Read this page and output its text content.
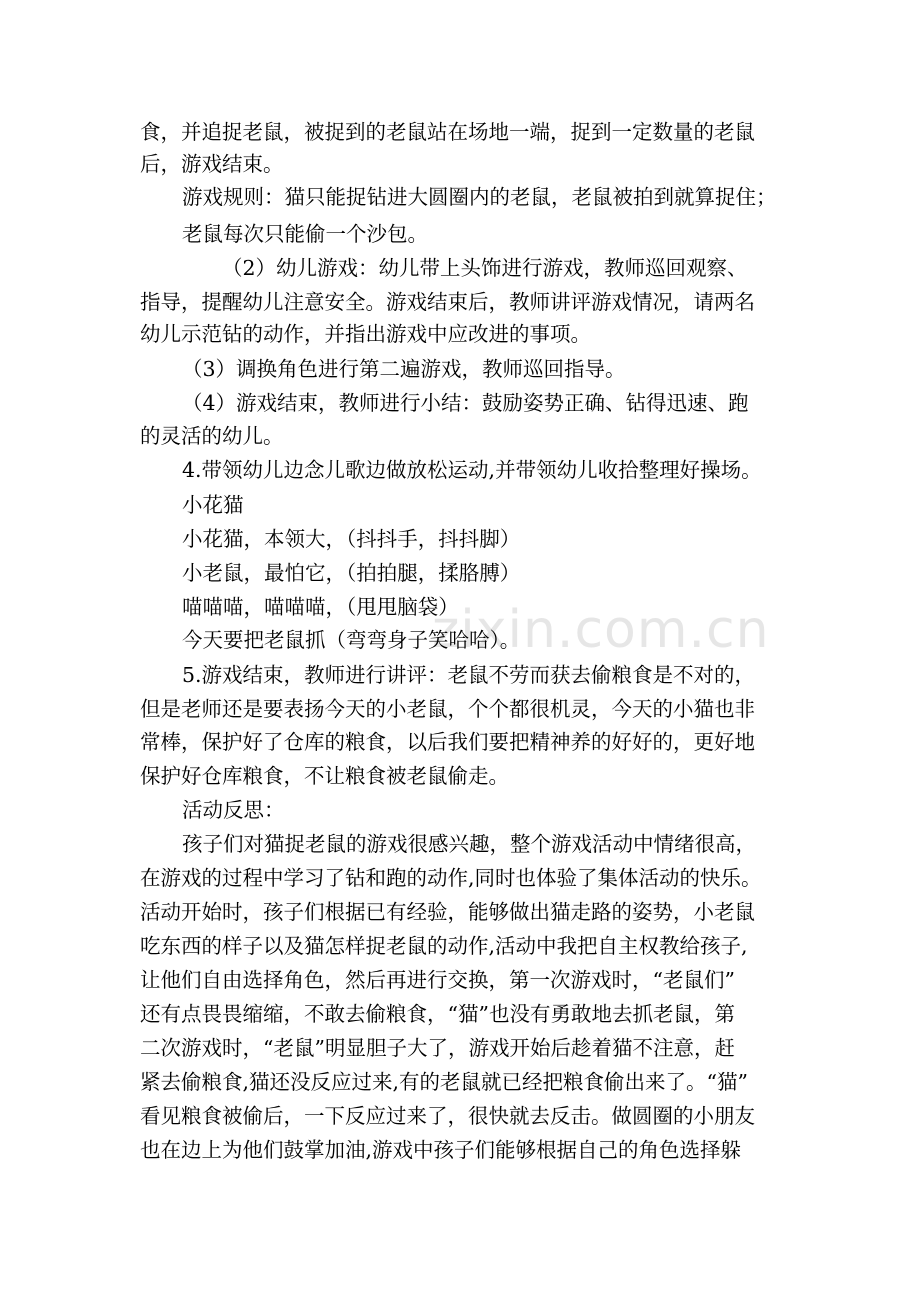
zixin.com.cn
食，并追捉老鼠，被捉到的老鼠站在场地一端，捉到一定数量的老鼠
后，游戏结束。
游戏规则：猫只能捉钻进大圆圈内的老鼠，老鼠被拍到就算捉住；
老鼠每次只能偷一个沙包。
（2）幼儿游戏：幼儿带上头饰进行游戏，教师巡回观察、
指导，提醒幼儿注意安全。游戏结束后，教师讲评游戏情况，请两名
幼儿示范钻的动作，并指出游戏中应改进的事项。
（3）调换角色进行第二遍游戏，教师巡回指导。
（4）游戏结束，教师进行小结：鼓励姿势正确、钻得迅速、跑
的灵活的幼儿。
4.带领幼儿边念儿歌边做放松运动,并带领幼儿收拾整理好操场。
小花猫
小花猫，本领大，（抖抖手，抖抖脚）
小老鼠，最怕它，（拍拍腿，揉胳膊）
喵喵喵，喵喵喵，（甩甩脑袋）
今天要把老鼠抓（弯弯身子笑哈哈）。
5.游戏结束，教师进行讲评：老鼠不劳而获去偷粮食是不对的，
但是老师还是要表扬今天的小老鼠，个个都很机灵，今天的小猫也非
常棒，保护好了仓库的粮食，以后我们要把精神养的好好的，更好地
保护好仓库粮食，不让粮食被老鼠偷走。
活动反思：
孩子们对猫捉老鼠的游戏很感兴趣，整个游戏活动中情绪很高，
在游戏的过程中学习了钻和跑的动作,同时也体验了集体活动的快乐。
活动开始时，孩子们根据已有经验，能够做出猫走路的姿势，小老鼠
吃东西的样子以及猫怎样捉老鼠的动作,活动中我把自主权教给孩子,
让他们自由选择角色，然后再进行交换，第一次游戏时，“老鼠们”
还有点畏畏缩缩，不敢去偷粮食，“猫”也没有勇敢地去抓老鼠，第
二次游戏时，“老鼠”明显胆子大了，游戏开始后趁着猫不注意，赶
紧去偷粮食,猫还没反应过来,有的老鼠就已经把粮食偷出来了。“猫”
看见粮食被偷后，一下反应过来了，很快就去反击。做圆圈的小朋友
也在边上为他们鼓掌加油,游戏中孩子们能够根据自己的角色选择躲
